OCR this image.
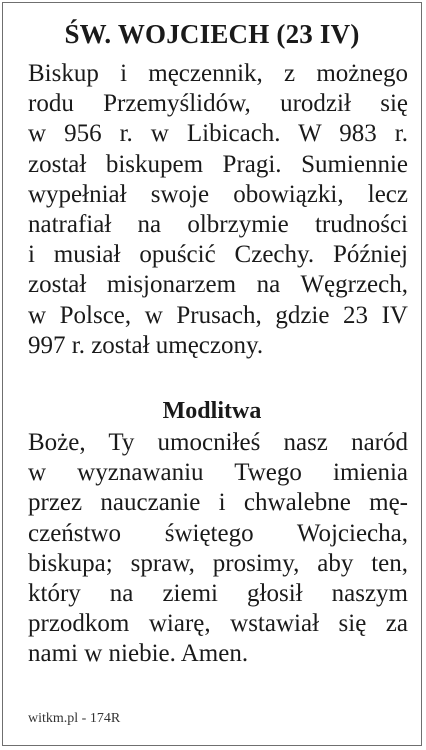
ŚW. WOJCIECH (23 IV)
Biskup i męczennik, z możnego
rodu Przemyślidów, urodził się
w 956 r. w Libicach. W 983 r.
został biskupem Pragi. Sumiennie
wypełniał swoje obowiązki, lecz
natrafiał na olbrzymie trudności
i musiał opuścić Czechy. Później
został misjonarzem na Węgrzech,
w Polsce, w Prusach, gdzie 23 IV
997 r. został umęczony.
Modlitwa
Boże, Ty umocniłeś nasz naród
w wyznawaniu Twego imienia
przez nauczanie i chwalebne mę-
czeństwo świętego Wojciecha,
biskupa; spraw, prosimy, aby ten,
który na ziemi głosił naszym
przodkom wiarę, wstawiał się za
nami w niebie. Amen.
witkm.pl - 174R
